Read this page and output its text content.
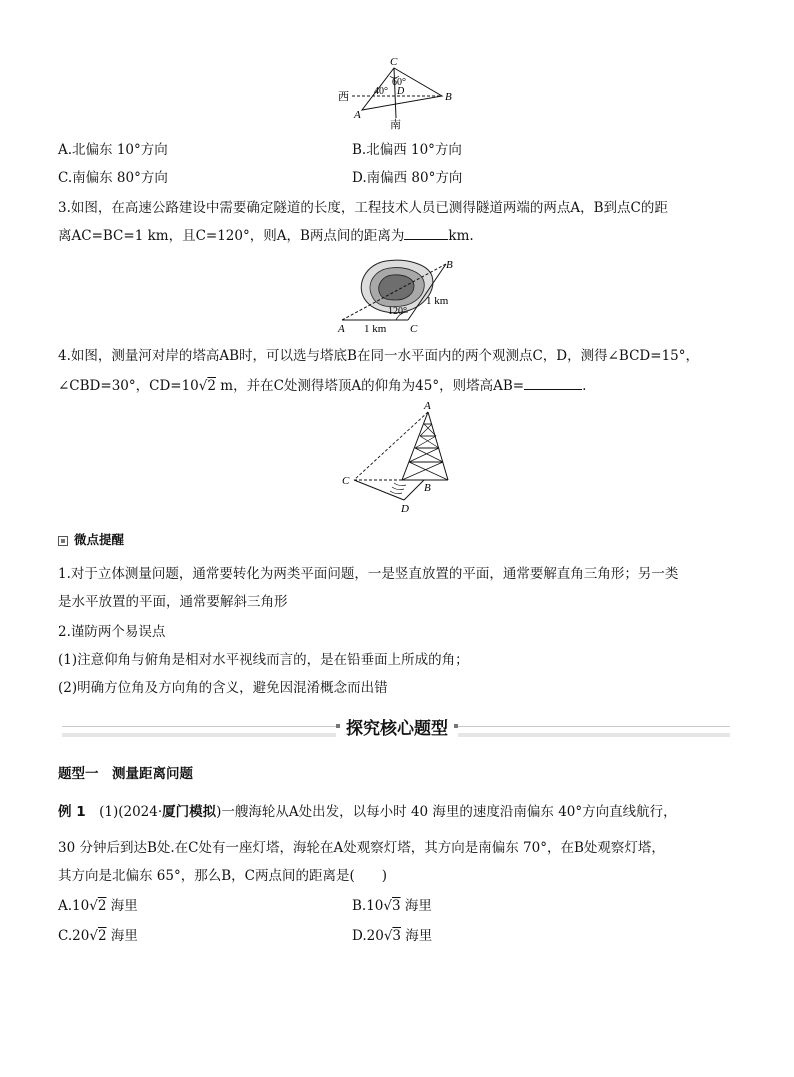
C
60°
40° D	B
A
西
南
A.北偏东 10°方向	B.北偏西 10°方向
C.南偏东 80°方向	D.南偏西 80°方向
3.如图，在高速公路建设中需要确定隧道的长度，工程技术人员已测得隧道两端的两点A，B到点C的距
离AC=BC=1 km，且C=120°，则A，B两点间的距离为	km.
B
1 km
120°
A 1 km C
4.如图，测量河对岸的塔高AB时，可以选与塔底B在同一水平面内的两个观测点C，D，测得∠BCD=15°，
∠CBD=30°，CD=10√2 m，并在C处测得塔顶A的仰角为45°，则塔高AB=	.
A
B
C
D
微点提醒
1.对于立体测量问题，通常要转化为两类平面问题，一是竖直放置的平面，通常要解直角三角形；另一类
是水平放置的平面，通常要解斜三角形
2.谨防两个易误点
(1)注意仰角与俯角是相对水平视线而言的，是在铅垂面上所成的角；
(2)明确方位角及方向角的含义，避免因混淆概念而出错
探究核心题型
题型一　测量距离问题
例 1　(1)(2024·厦门模拟)一艘海轮从A处出发，以每小时 40 海里的速度沿南偏东 40°方向直线航行，
30 分钟后到达B处.在C处有一座灯塔，海轮在A处观察灯塔，其方向是南偏东 70°，在B处观察灯塔，
其方向是北偏东 65°，那么B，C两点间的距离是(　　)
A.10√2 海里	B.10√3 海里
C.20√2 海里	D.20√3 海里
